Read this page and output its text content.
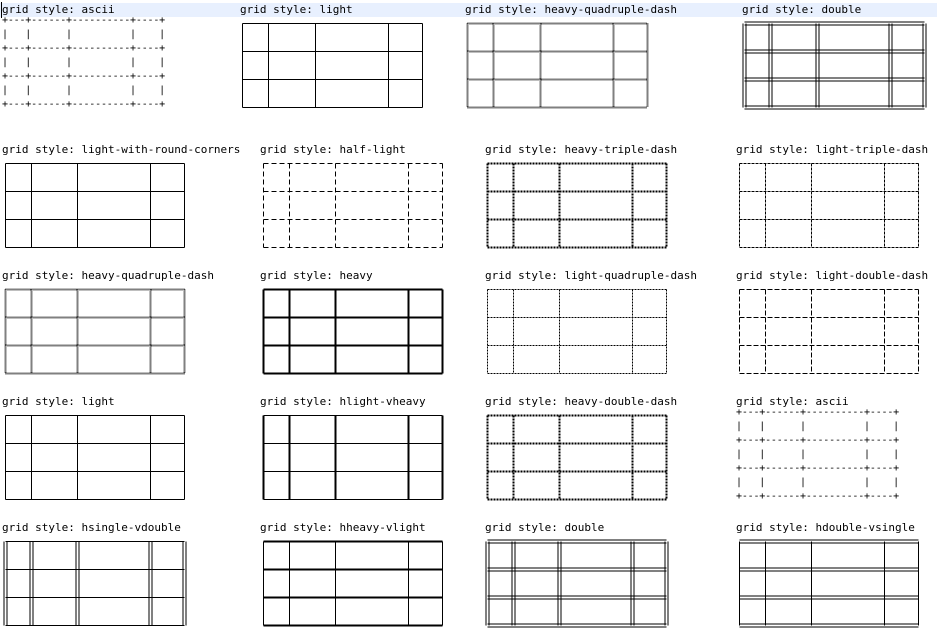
grid style: ascii
+---+------+----------+----+
|   |      |          |    |
+---+------+----------+----+
|   |      |          |    |
+---+------+----------+----+
|   |      |          |    |
+---+------+----------+----+
grid style: light	grid style: heavy-quadruple-dash	grid style: double
grid style: light-with-round-corners grid style: half-light	grid style: heavy-triple-dash	grid style: light-triple-dash
grid style: heavy-quadruple-dash	grid style: heavy	grid style: light-quadruple-dash	grid style: light-double-dash
grid style: light	grid style: hlight-vheavy	grid style: heavy-double-dash	grid style: ascii
+---+------+----------+----+
|   |      |          |    |
+---+------+----------+----+
|   |      |          |    |
+---+------+----------+----+
|   |      |          |    |
+---+------+----------+----+
grid style: hsingle-vdouble	grid style: hheavy-vlight	grid style: double	grid style: hdouble-vsingle
